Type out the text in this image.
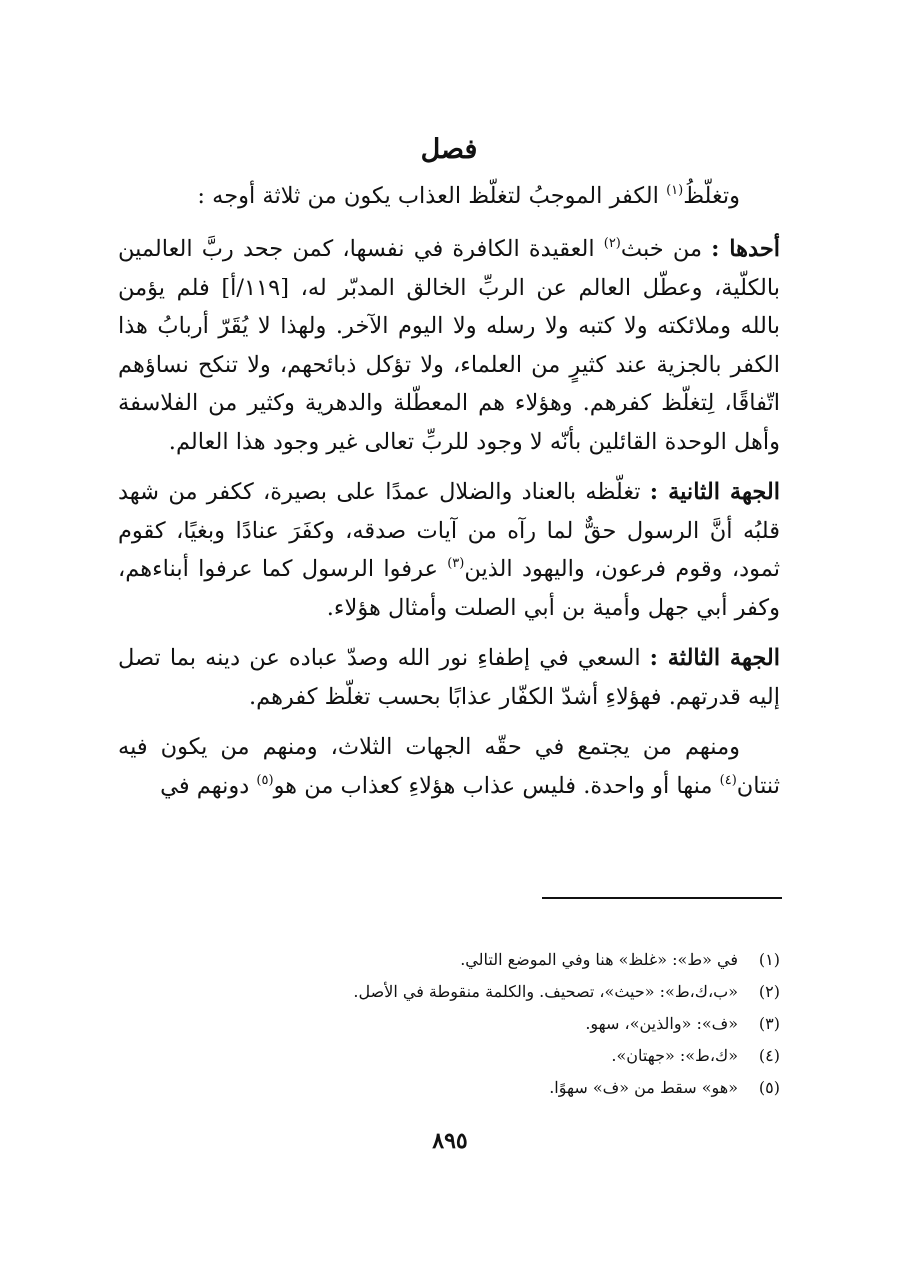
فصل

وتغلّظُ$^{(١)}$ الكفر الموجبُ لتغلّظ العذاب يكون من ثلاثة أوجه :

أحدها : من خبث$^{(٢)}$ العقيدة الكافرة في نفسها، كمن جحد ربَّ العالمين بالكلّية، وعطّل العالم عن الربِّ الخالق المدبّر له، [١١٩/أ] فلم يؤمن بالله وملائكته ولا كتبه ولا رسله ولا اليوم الآخر. ولهذا لا يُقَرّ أربابُ هذا الكفر بالجزية عند كثيرٍ من العلماء، ولا تؤكل ذبائحهم، ولا تنكح نساؤهم اتّفاقًا، لِتغلّظ كفرهم. وهؤلاء هم المعطّلة والدهرية وكثير من الفلاسفة وأهل الوحدة القائلين بأنّه لا وجود للربِّ تعالى غير وجود هذا العالم.

الجهة الثانية : تغلّظه بالعناد والضلال عمدًا على بصيرة، ككفر من شهد قلبُه أنَّ الرسول حقٌّ لما رآه من آيات صدقه، وكفَرَ عنادًا وبغيًا، كقوم ثمود، وقوم فرعون، واليهود الذين$^{(٣)}$ عرفوا الرسول كما عرفوا أبناءهم، وكفر أبي جهل وأمية بن أبي الصلت وأمثال هؤلاء.

الجهة الثالثة : السعي في إطفاءِ نور الله وصدّ عباده عن دينه بما تصل إليه قدرتهم. فهؤلاءِ أشدّ الكفّار عذابًا بحسب تغلّظ كفرهم.

ومنهم من يجتمع في حقّه الجهات الثلاث، ومنهم من يكون فيه ثنتان$^{(٤)}$ منها أو واحدة. فليس عذاب هؤلاءِ كعذاب من هو$^{(٥)}$ دونهم في

(١)
في «ط»: «غلظ» هنا وفي الموضع التالي.
(٢)
«ب،ك،ط»: «حيث»، تصحيف. والكلمة منقوطة في الأصل.
(٣)
«ف»: «والذين»، سهو.
(٤)
«ك،ط»: «جهتان».
(٥)
«هو» سقط من «ف» سهوًا.
٨٩٥
